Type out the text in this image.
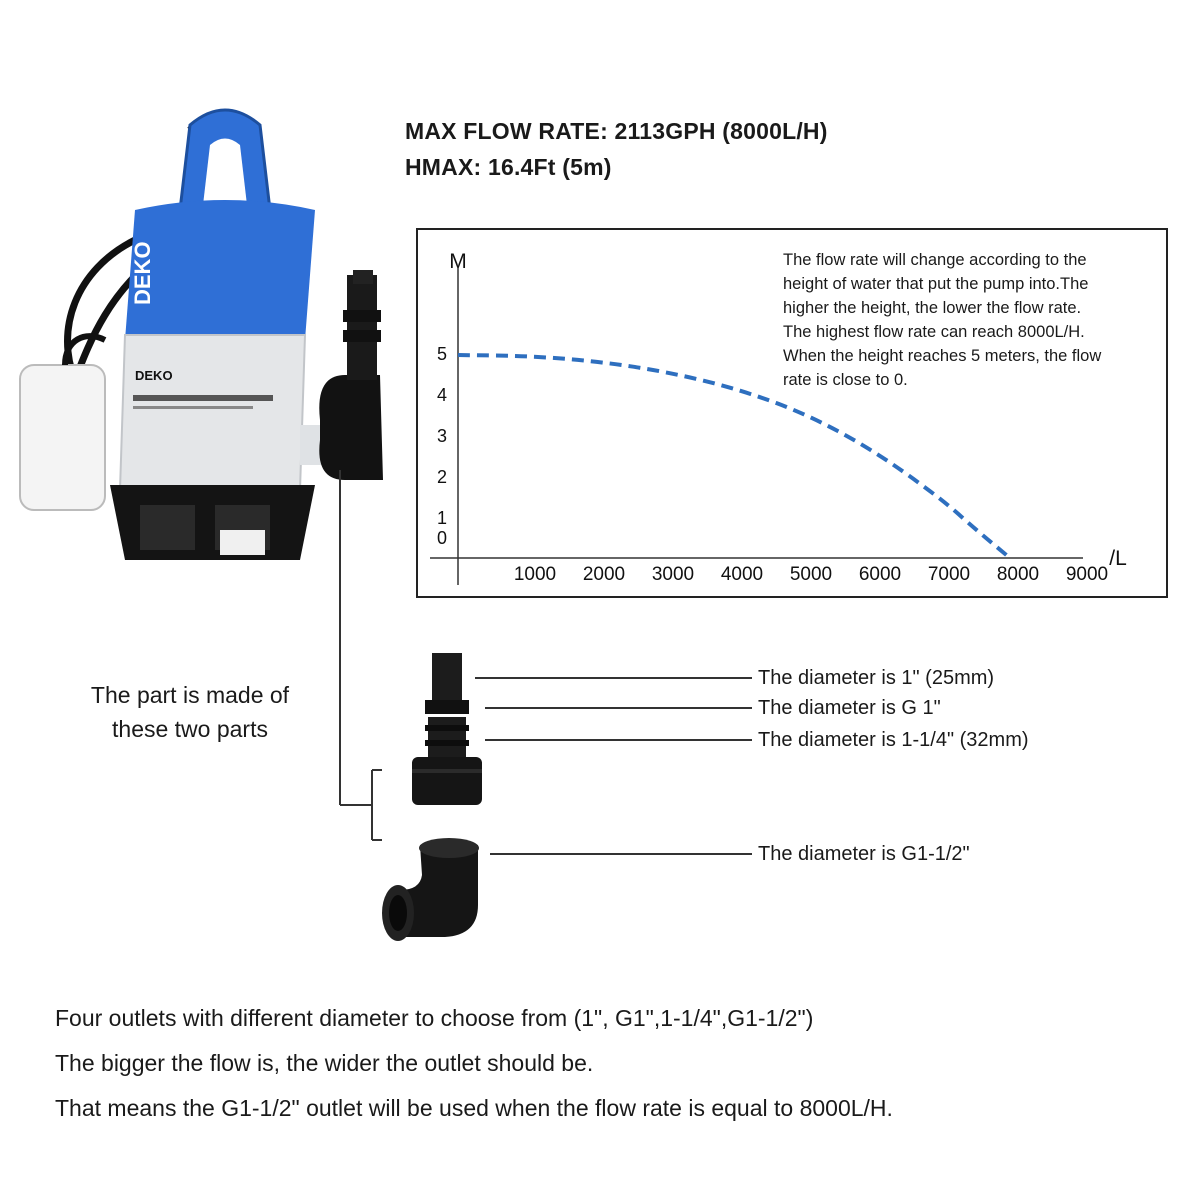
DEKO
DEKO
MAX FLOW RATE: 2113GPH (8000L/H)
HMAX: 16.4Ft (5m)
M
/L
0
1
2
3
4
5
1000 2000 3000 4000 5000 6000 7000 8000 9000
The flow rate will change according to the
height of water that put the pump into.The
higher the height, the lower the flow rate.
The highest flow rate can reach 8000L/H.
When the height reaches 5 meters, the flow
rate is close to 0.
The part is made of
these two parts
The diameter is 1" (25mm)
The diameter is G 1"
The diameter is 1-1/4" (32mm)
The diameter is G1-1/2"
Four outlets with different diameter to choose from (1", G1",1-1/4",G1-1/2")
The bigger the flow is, the wider the outlet should be.
That means the G1-1/2" outlet will be used when the flow rate is equal to 8000L/H.
